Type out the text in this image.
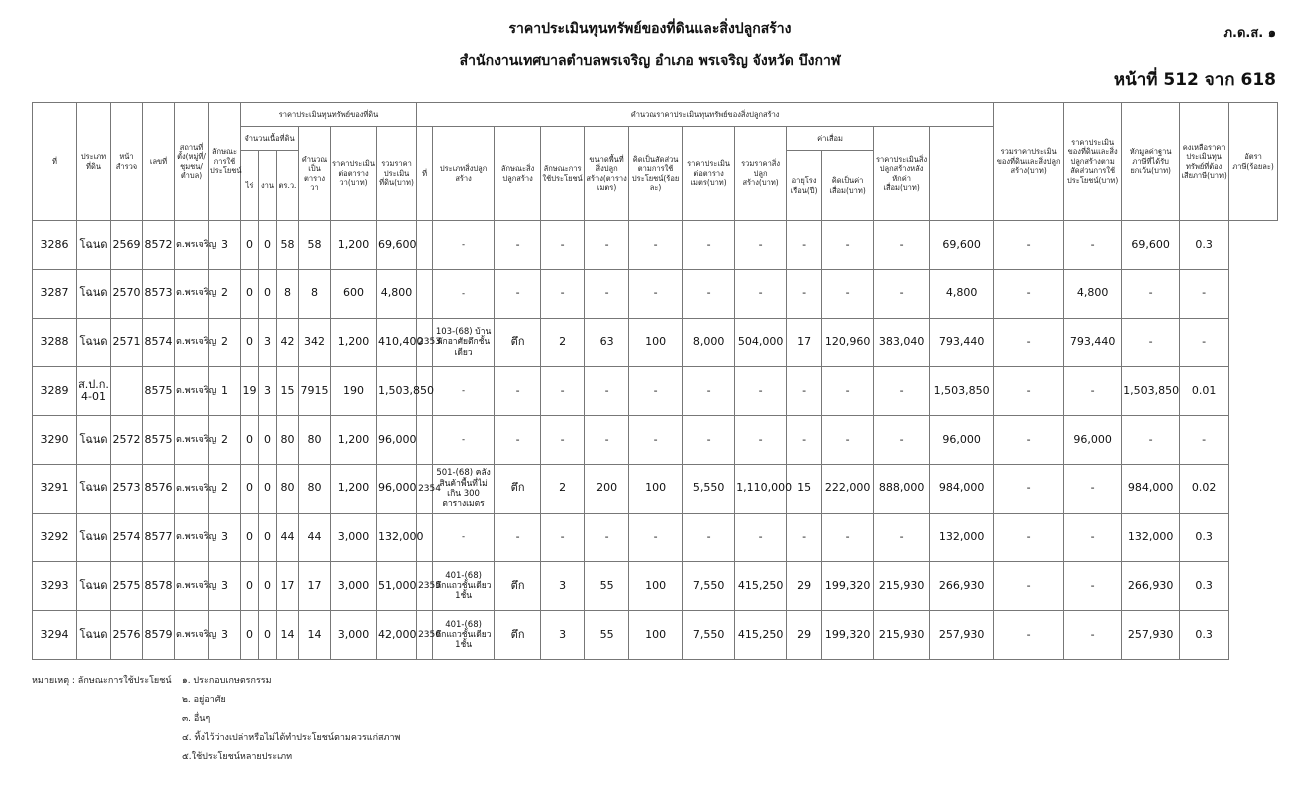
ราคาประเมินทุนทรัพย์ของที่ดินและสิ่งปลูกสร้าง
สำนักงานเทศบาลตำบลพรเจริญ อำเภอ พรเจริญ จังหวัด บึงกาฬ
ภ.ด.ส. ๑
หน้าที่ 512 จาก 618
ที่	ประเภทที่ดิน	หน้าสำรวจ	เลขที่	สถานที่ตั้ง(หมู่ที่/ชุมชน/ตำบล)	ลักษณะการใช้ประโยชน์	ราคาประเมินทุนทรัพย์ของที่ดิน						คำนวณราคาประเมินทุนทรัพย์ของสิ่งปลูกสร้าง												รวมราคาประเมินของที่ดินและสิ่งปลูกสร้าง(บาท)	ราคาประเมินของที่ดินและสิ่งปลูกสร้างตามสัดส่วนการใช้ประโยชน์(บาท)	หักมูลค่าฐานภาษีที่ได้รับยกเว้น(บาท)	คงเหลือราคาประเมินทุนทรัพย์ที่ต้องเสียภาษี(บาท)	อัตราภาษี(ร้อยละ)
						จำนวนเนื้อที่ดิน			คำนวณเป็นตารางวา	ราคาประเมินต่อตารางวา(บาท)	รวมราคาประเมินที่ดิน(บาท)	ที่	ประเภทสิ่งปลูกสร้าง	ลักษณะสิ่งปลูกสร้าง	ลักษณะการใช้ประโยชน์	ขนาดพื้นที่สิ่งปลูกสร้าง(ตารางเมตร)	คิดเป็นสัดส่วนตามการใช้ประโยชน์(ร้อยละ)	ราคาประเมินต่อตารางเมตร(บาท)	รวมราคาสิ่งปลูกสร้าง(บาท)	ค่าเสื่อม		ราคาประเมินสิ่งปลูกสร้างหลังหักค่าเสื่อม(บาท)						
						ไร่	งาน	ตร.ว.												อายุโรงเรือน(ปี)	คิดเป็นค่าเสื่อม(บาท)							
3286	โฉนด	2569	8572	ต.พรเจริญ	3	0	0	58	58	1,200	69,600		-	-	-	-	-	-	-	-	-	-	69,600	-	-	69,600	0.3	
3287	โฉนด	2570	8573	ต.พรเจริญ	2	0	0	8	8	600	4,800		-	-	-	-	-	-	-	-	-	-	4,800	-	4,800	-	-	
3288	โฉนด	2571	8574	ต.พรเจริญ	2	0	3	42	342	1,200	410,400	2353	103-(68) บ้านพักอาศัยตึกชั้นเดียว	ตึก	2	63	100	8,000	504,000	17	120,960	383,040	793,440	-	793,440	-	-	
3289	ส.ป.ก. 4-01		8575	ต.พรเจริญ	1	19	3	15	7915	190	1,503,850		-	-	-	-	-	-	-	-	-	-	1,503,850	-	-	1,503,850	0.01	
3290	โฉนด	2572	8575	ต.พรเจริญ	2	0	0	80	80	1,200	96,000		-	-	-	-	-	-	-	-	-	-	96,000	-	96,000	-	-	
3291	โฉนด	2573	8576	ต.พรเจริญ	2	0	0	80	80	1,200	96,000	2354	501-(68) คลังสินค้าพื้นที่ไม่เกิน 300 ตารางเมตร	ตึก	2	200	100	5,550	1,110,000	15	222,000	888,000	984,000	-	-	984,000	0.02	
3292	โฉนด	2574	8577	ต.พรเจริญ	3	0	0	44	44	3,000	132,000		-	-	-	-	-	-	-	-	-	-	132,000	-	-	132,000	0.3	
3293	โฉนด	2575	8578	ต.พรเจริญ	3	0	0	17	17	3,000	51,000	2355	401-(68) ตึกแถวชั้นเดียว 1ชั้น	ตึก	3	55	100	7,550	415,250	29	199,320	215,930	266,930	-	-	266,930	0.3	
3294	โฉนด	2576	8579	ต.พรเจริญ	3	0	0	14	14	3,000	42,000	2356	401-(68) ตึกแถวชั้นเดียว 1ชั้น	ตึก	3	55	100	7,550	415,250	29	199,320	215,930	257,930	-	-	257,930	0.3	
หมายเหตุ : ลักษณะการใช้ประโยชน์ ๑. ประกอบเกษตรกรรม
๒. อยู่อาศัย
๓. อื่นๆ
๔. ทิ้งไว้ว่างเปล่าหรือไม่ได้ทำประโยชน์ตามควรแก่สภาพ
๕.ใช้ประโยชน์หลายประเภท
